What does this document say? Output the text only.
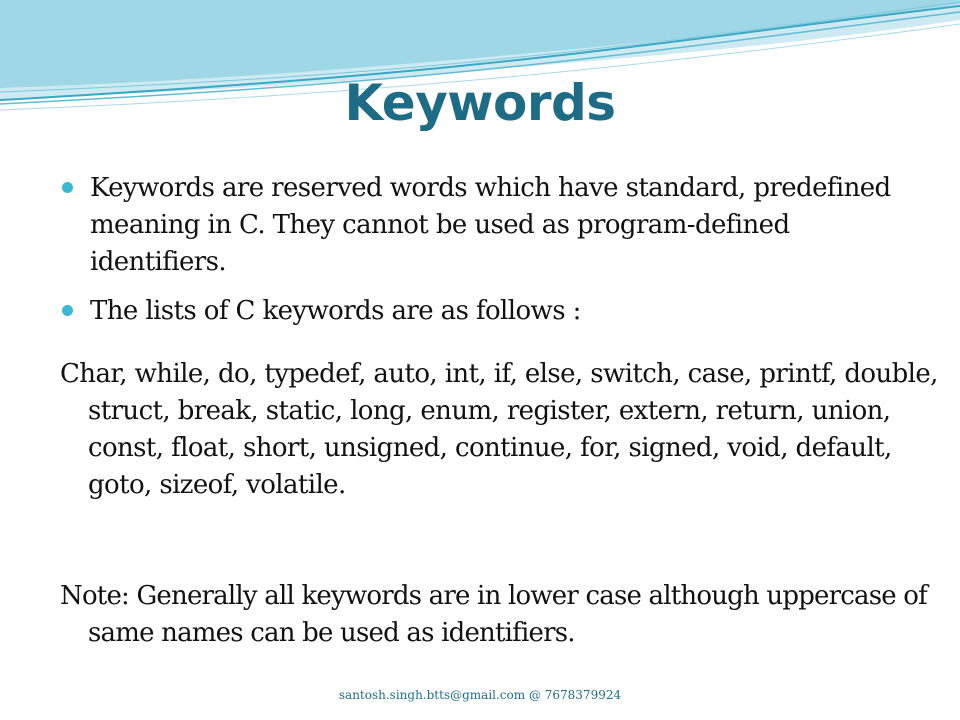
Keywords
Keywords are reserved words which have standard, predefined meaning in C. They cannot be used as program-defined identifiers.
The lists of C keywords are as follows :
Char, while, do, typedef, auto, int, if, else, switch, case, printf, double, struct, break, static, long, enum, register, extern, return, union, const, float, short, unsigned, continue, for, signed, void, default, goto, sizeof, volatile.
Note: Generally all keywords are in lower case although uppercase of same names can be used as identifiers.
santosh.singh.btts@gmail.com @ 7678379924
